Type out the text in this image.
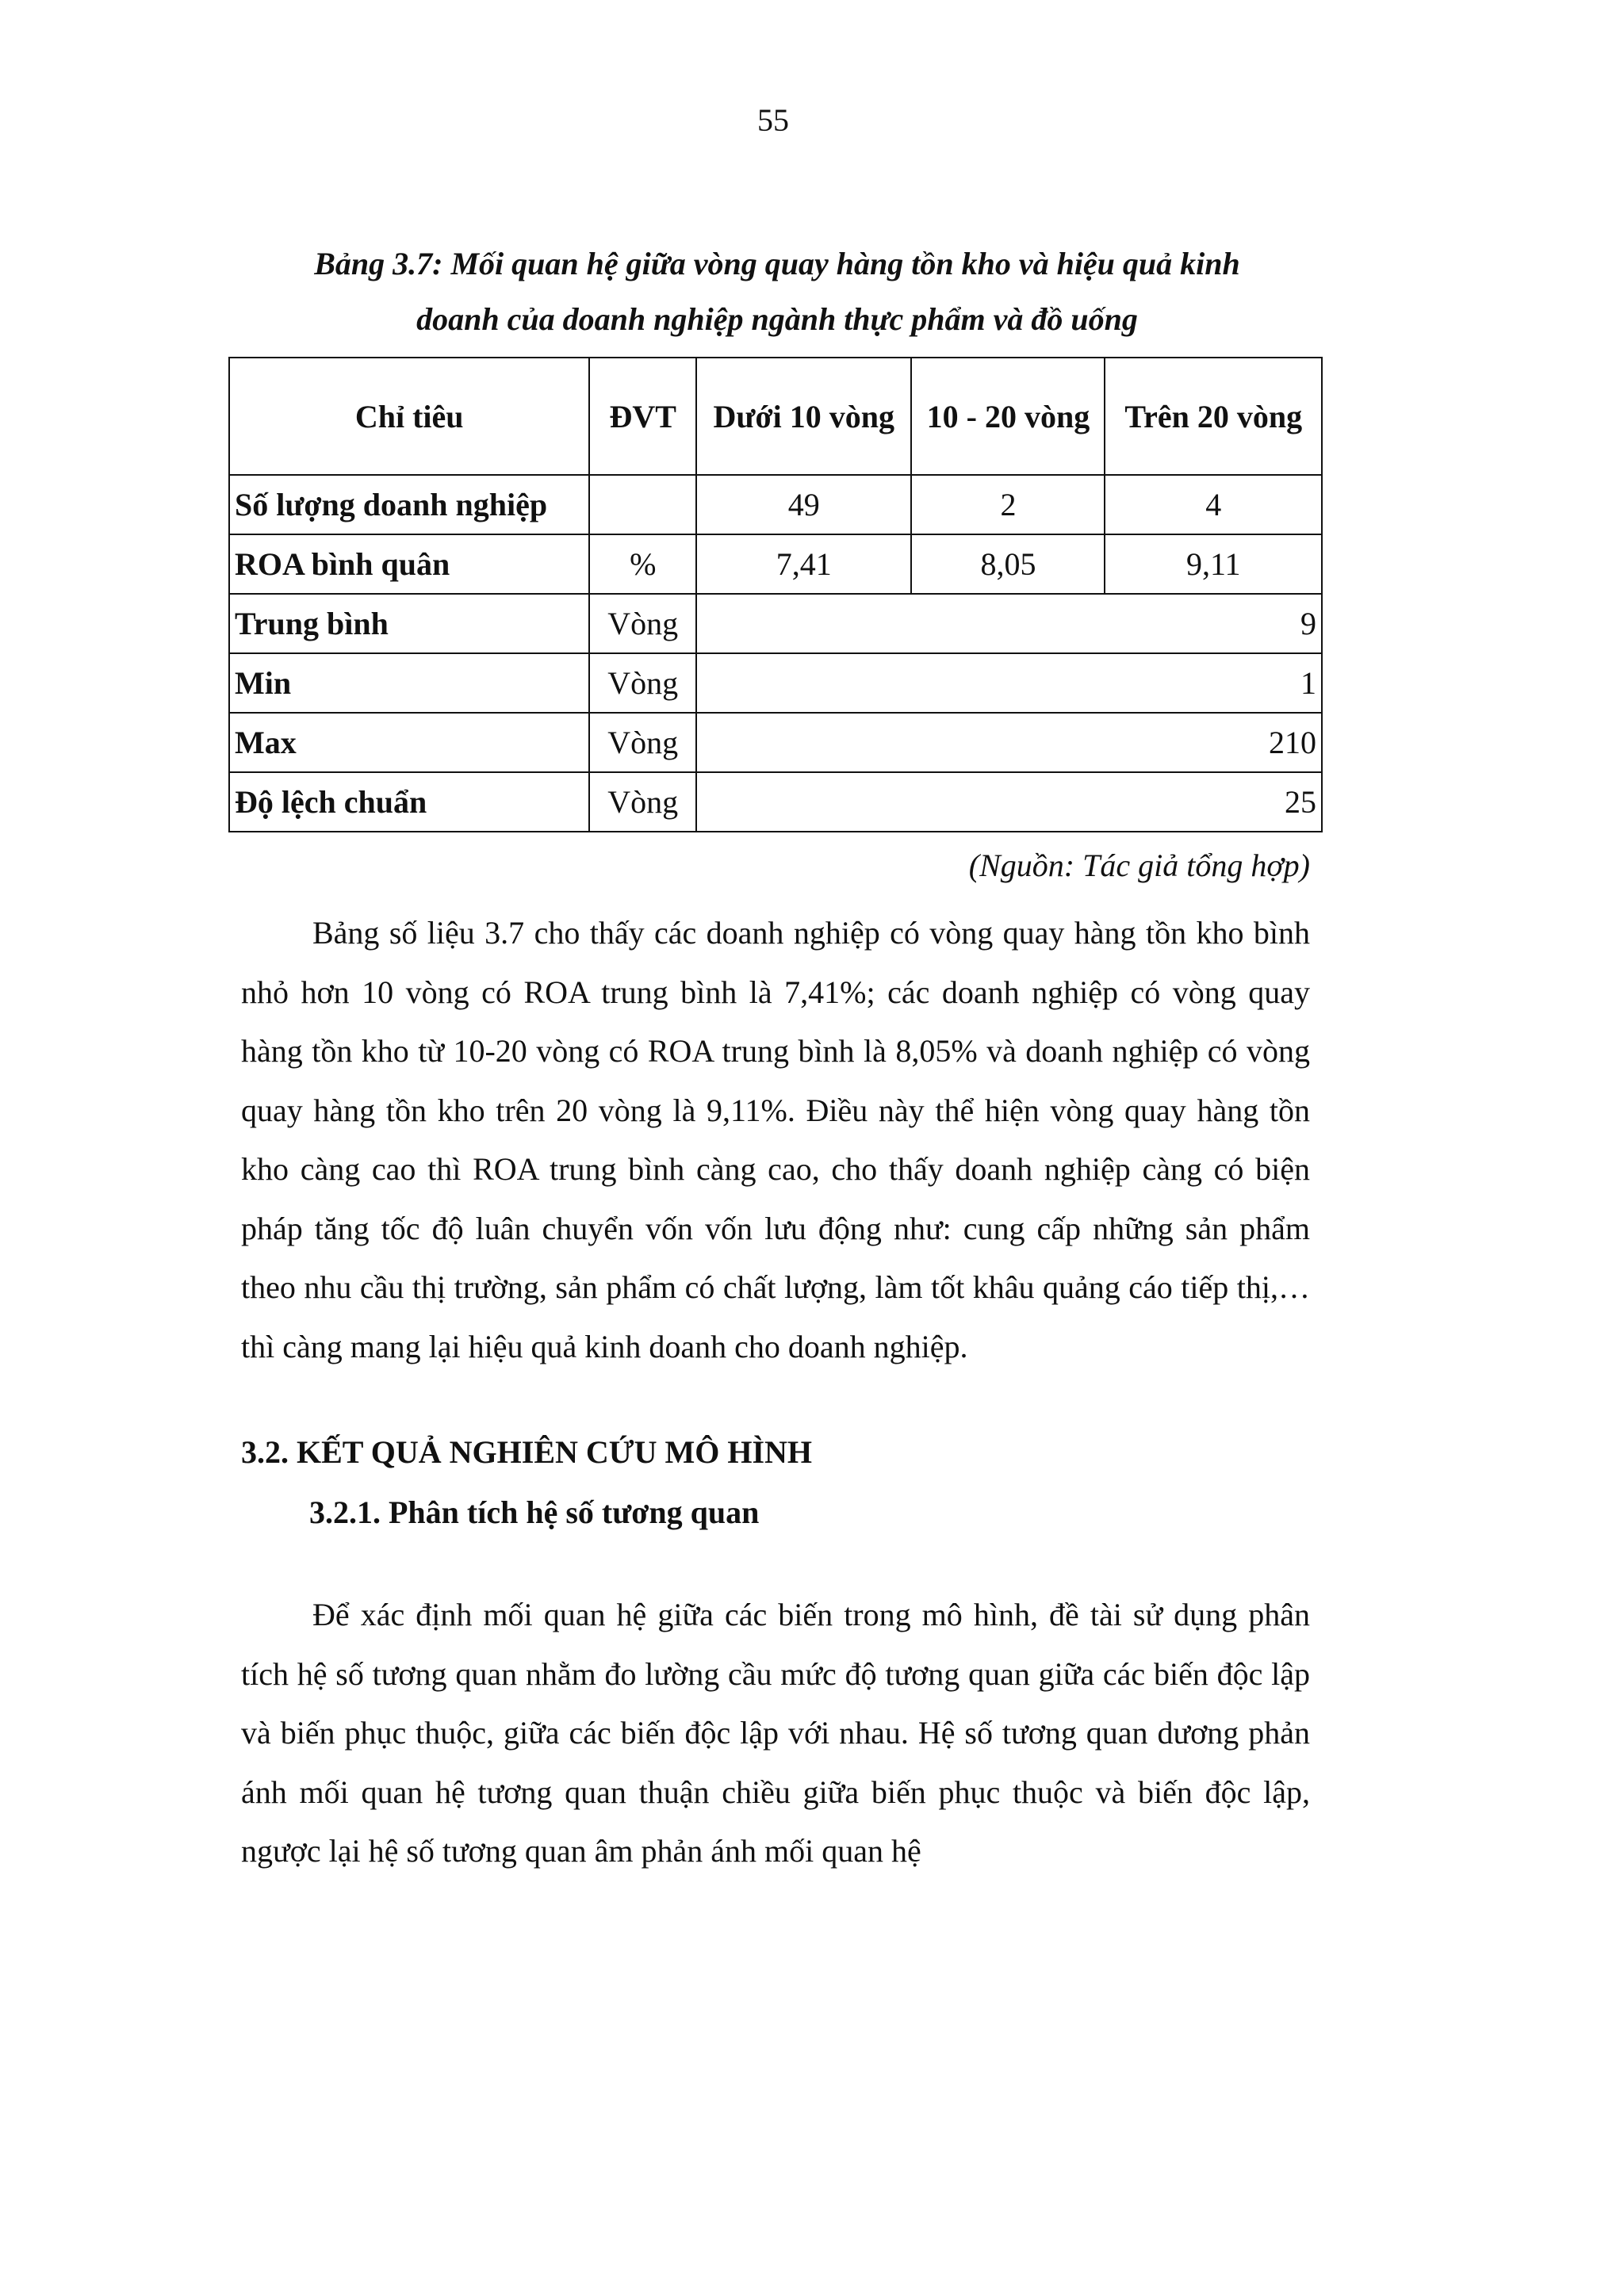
55
Bảng 3.7: Mối quan hệ giữa vòng quay hàng tồn kho và hiệu quả kinh
doanh của doanh nghiệp ngành thực phẩm và đồ uống
Chỉ tiêu	ĐVT	Dưới 10 vòng	10 - 20 vòng	Trên 20 vòng
Số lượng doanh nghiệp		49	2	4
ROA bình quân	%	7,41	8,05	9,11
Trung bình	Vòng	9		
Min	Vòng	1		
Max	Vòng	210		
Độ lệch chuẩn	Vòng	25		
(Nguồn: Tác giả tổng hợp)

Bảng số liệu 3.7 cho thấy các doanh nghiệp có vòng quay hàng tồn kho bình nhỏ hơn 10 vòng có ROA trung bình là 7,41%; các doanh nghiệp có vòng quay hàng tồn kho từ 10-20 vòng có ROA trung bình là 8,05% và doanh nghiệp có vòng quay hàng tồn kho trên 20 vòng là 9,11%. Điều này thể hiện vòng quay hàng tồn kho càng cao thì ROA trung bình càng cao, cho thấy doanh nghiệp càng có biện pháp tăng tốc độ luân chuyển vốn vốn lưu động như: cung cấp những sản phẩm theo nhu cầu thị trường, sản phẩm có chất lượng, làm tốt khâu quảng cáo tiếp thị,…thì càng mang lại hiệu quả kinh doanh cho doanh nghiệp.

3.2. KẾT QUẢ NGHIÊN CỨU MÔ HÌNH
3.2.1. Phân tích hệ số tương quan

Để xác định mối quan hệ giữa các biến trong mô hình, đề tài sử dụng phân tích hệ số tương quan nhằm đo lường cầu mức độ tương quan giữa các biến độc lập và biến phục thuộc, giữa các biến độc lập với nhau. Hệ số tương quan dương phản ánh mối quan hệ tương quan thuận chiều giữa biến phục thuộc và biến độc lập, ngược lại hệ số tương quan âm phản ánh mối quan hệ
